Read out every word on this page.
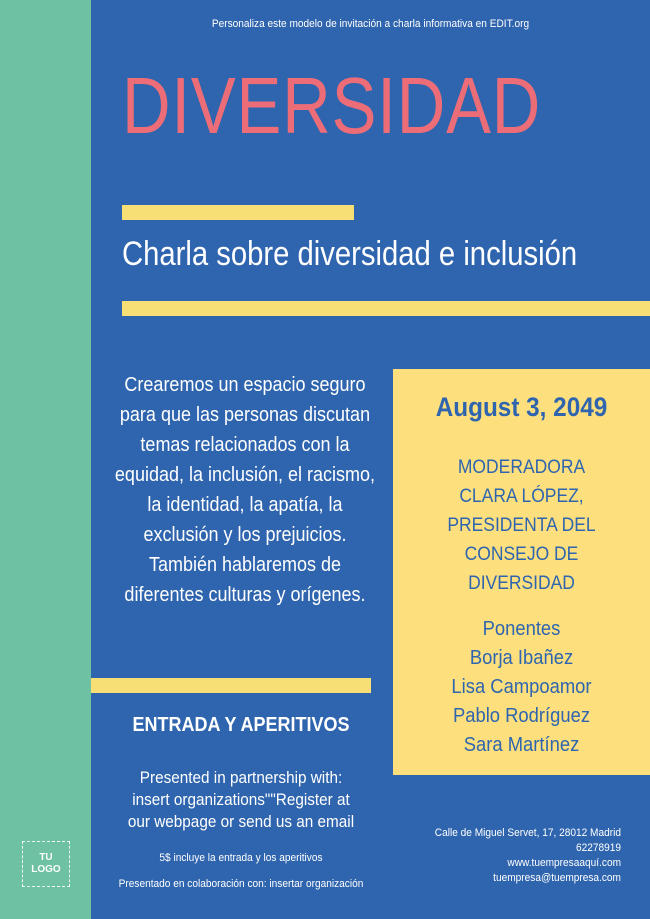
Personaliza este modelo de invitación a charla informativa en EDIT.org
DIVERSIDAD
Charla sobre diversidad e inclusión
Crearemos un espacio seguro para que las personas discutan temas relacionados con la equidad, la inclusión, el racismo, la identidad, la apatía, la exclusión y los prejuicios. También hablaremos de diferentes culturas y orígenes.
August 3, 2049
MODERADORA
CLARA LÓPEZ,
PRESIDENTA DEL
CONSEJO DE
DIVERSIDAD
Ponentes
Borja Ibañez
Lisa Campoamor
Pablo Rodríguez
Sara Martínez
ENTRADA Y APERITIVOS
Presented in partnership with:
insert organizations""Register at
our webpage or send us an email
5$ incluye la entrada y los aperitivos
Presentado en colaboración con: insertar organización
Calle de Miguel Servet, 17, 28012 Madrid
62278919
www.tuempresaaquí.com
tuempresa@tuempresa.com
TU
LOGO
